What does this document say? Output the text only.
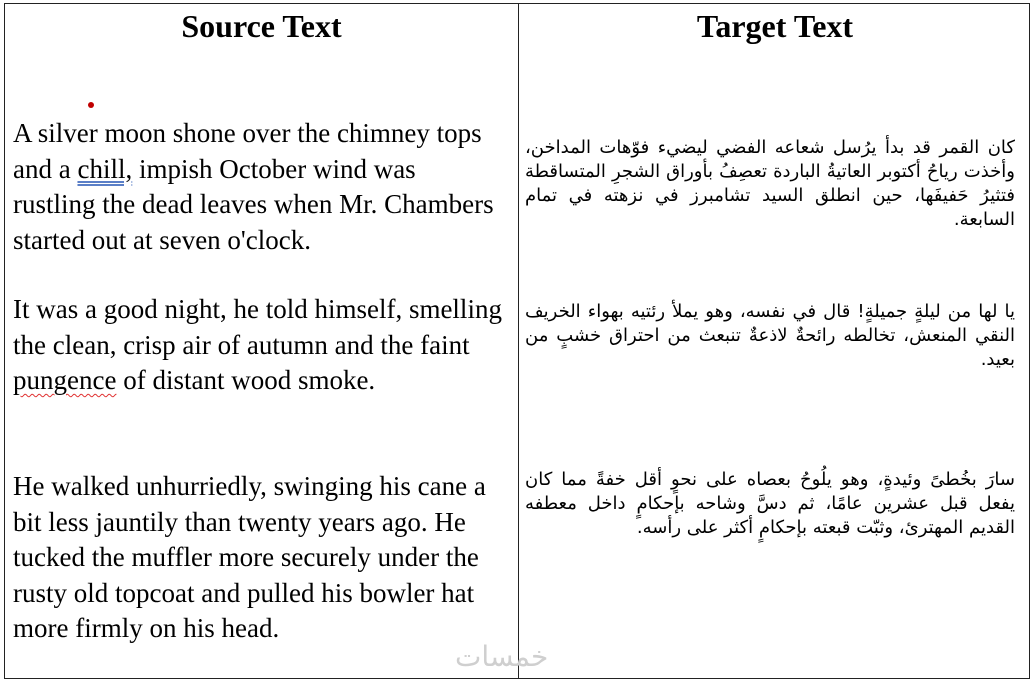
Source Text	Target Text
A silver moon shone over the chimney tops and a chill, impish October wind was rustling the dead leaves when Mr. Chambers started out at seven o'clock.
It was a good night, he told himself, smelling the clean, crisp air of autumn and the faint pungence of distant wood smoke.
He walked unhurriedly, swinging his cane a bit less jauntily than twenty years ago. He tucked the muffler more securely under the rusty old topcoat and pulled his bowler hat more firmly on his head.
كان القمر قد بدأ يرُسل شعاعه الفضي ليضيء فوّهات المداخن، وأخذت رياحُ أكتوبر العاتيةُ الباردة تعصِفُ بأوراق الشجرِ المتساقطة فتثيرُ حَفيفَها، حين انطلق السيد تشامبرز في نزهته في تمام السابعة.
يا لها من ليلةٍ جميلةٍ! قال في نفسه، وهو يملأ رئتيه بهواء الخريف النقي المنعش، تخالطه رائحةٌ لاذعةٌ تنبعث من احتراق خشبٍ من بعيد.
سارَ بخُطىً وئيدةٍ، وهو يلُوحُ بعصاه على نحوٍ أقل خفةً مما كان يفعل قبل عشرين عامًا، ثم دسَّ وشاحه بإحكامٍ داخل معطفه القديم المهترئ، وثبّت قبعته بإحكامٍ أكثر على رأسه.
خمسات
